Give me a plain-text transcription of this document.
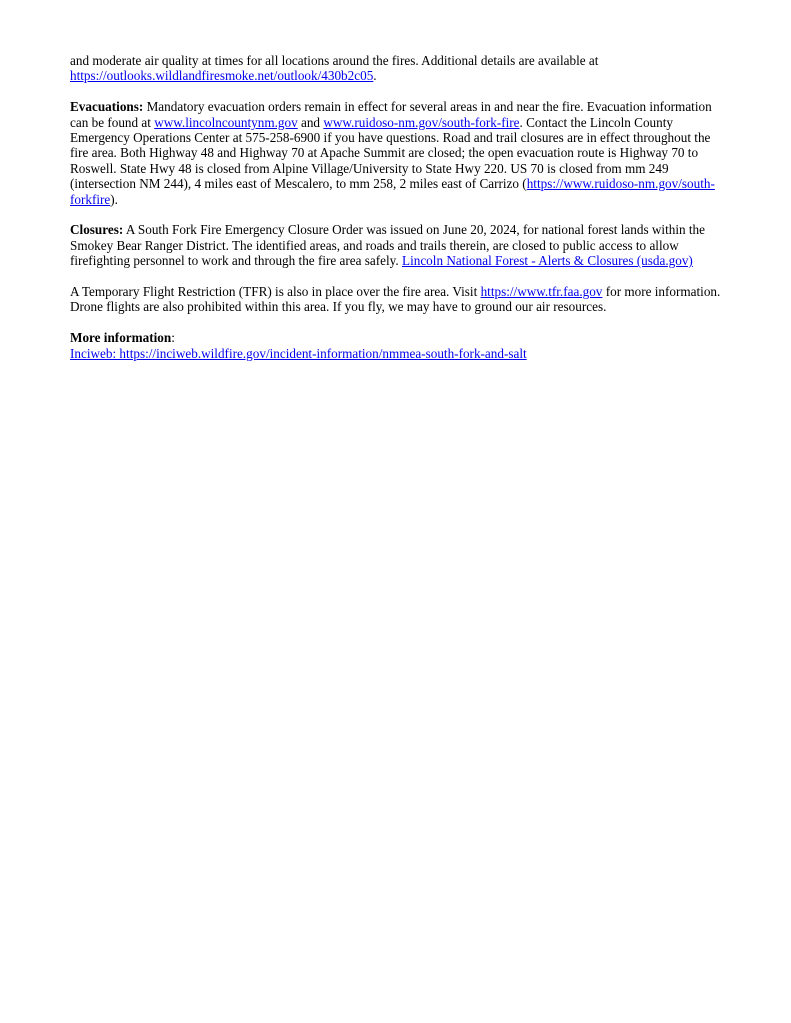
and moderate air quality at times for all locations around the fires. Additional details are available at https://outlooks.wildlandfiresmoke.net/outlook/430b2c05.

Evacuations: Mandatory evacuation orders remain in effect for several areas in and near the fire. Evacuation information can be found at www.lincolncountynm.gov and www.ruidoso-nm.gov/south-fork-fire. Contact the Lincoln County Emergency Operations Center at 575-258-6900 if you have questions. Road and trail closures are in effect throughout the fire area. Both Highway 48 and Highway 70 at Apache Summit are closed; the open evacuation route is Highway 70 to Roswell. State Hwy 48 is closed from Alpine Village/University to State Hwy 220. US 70 is closed from mm 249 (intersection NM 244), 4 miles east of Mescalero, to mm 258, 2 miles east of Carrizo (https://www.ruidoso-nm.gov/south-forkfire).

Closures: A South Fork Fire Emergency Closure Order was issued on June 20, 2024, for national forest lands within the Smokey Bear Ranger District. The identified areas, and roads and trails therein, are closed to public access to allow firefighting personnel to work and through the fire area safely. Lincoln National Forest - Alerts & Closures (usda.gov)

A Temporary Flight Restriction (TFR) is also in place over the fire area. Visit https://www.tfr.faa.gov for more information. Drone flights are also prohibited within this area. If you fly, we may have to ground our air resources.

More information:
Inciweb: https://inciweb.wildfire.gov/incident-information/nmmea-south-fork-and-salt
